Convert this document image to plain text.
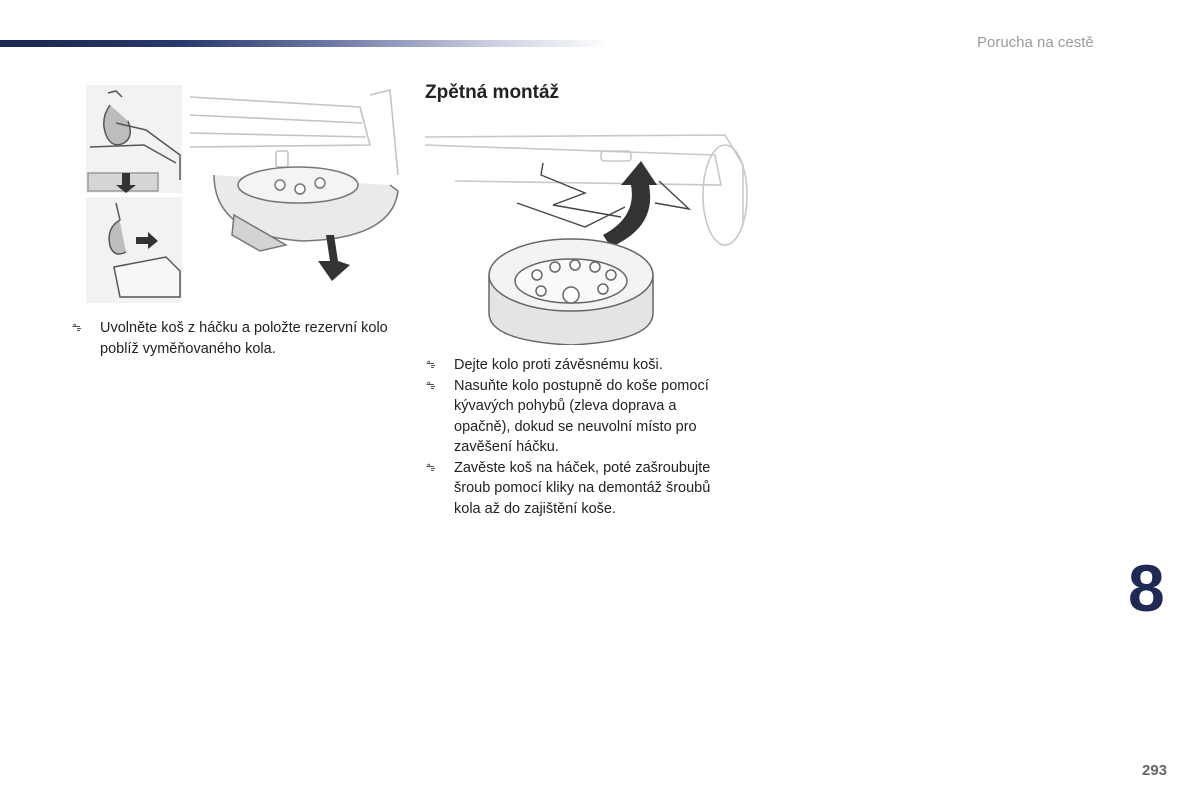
Porucha na cestě
Zpětná montáž
Uvolněte koš z háčku a položte rezervní kolo poblíž vyměňovaného kola.
Dejte kolo proti závěsnému koši.
Nasuňte kolo postupně do koše pomocí kývavých pohybů (zleva doprava a opačně), dokud se neuvolní místo pro zavěšení háčku.
Zavěste koš na háček, poté zašroubujte šroub pomocí kliky na demontáž šroubů kola až do zajištění koše.
8
293
